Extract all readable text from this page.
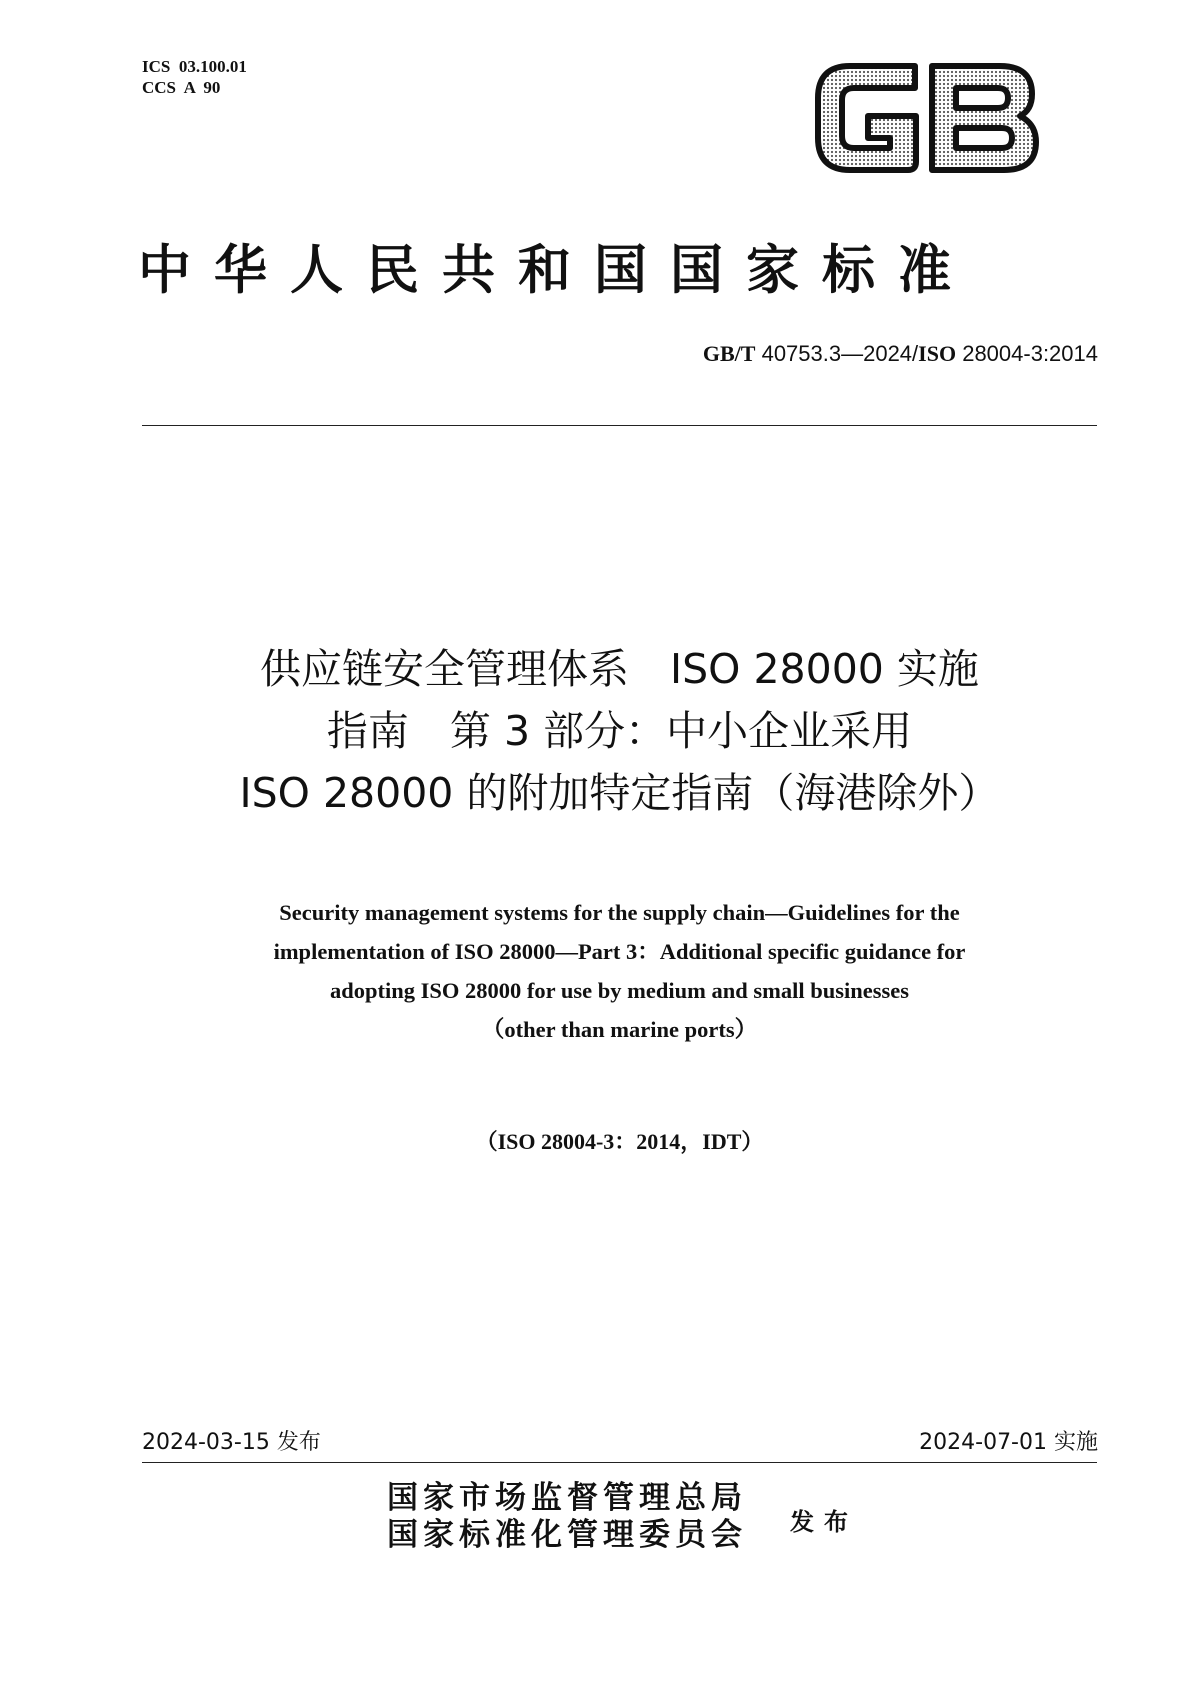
ICS  03.100.01
CCS  A  90
中华人民共和国国家标准
GB/T 40753.3—2024/ISO 28004-3:2014
供应链安全管理体系　ISO 28000 实施
指南　第 3 部分：中小企业采用
ISO 28000 的附加特定指南（海港除外）
Security management systems for the supply chain—Guidelines for the
implementation of ISO 28000—Part 3：Additional specific guidance for
adopting ISO 28000 for use by medium and small businesses
（other than marine ports）
（ISO 28004-3：2014，IDT）
2024-03-15 发布	2024-07-01 实施
国家市场监督管理总局
国家标准化管理委员会 发布
